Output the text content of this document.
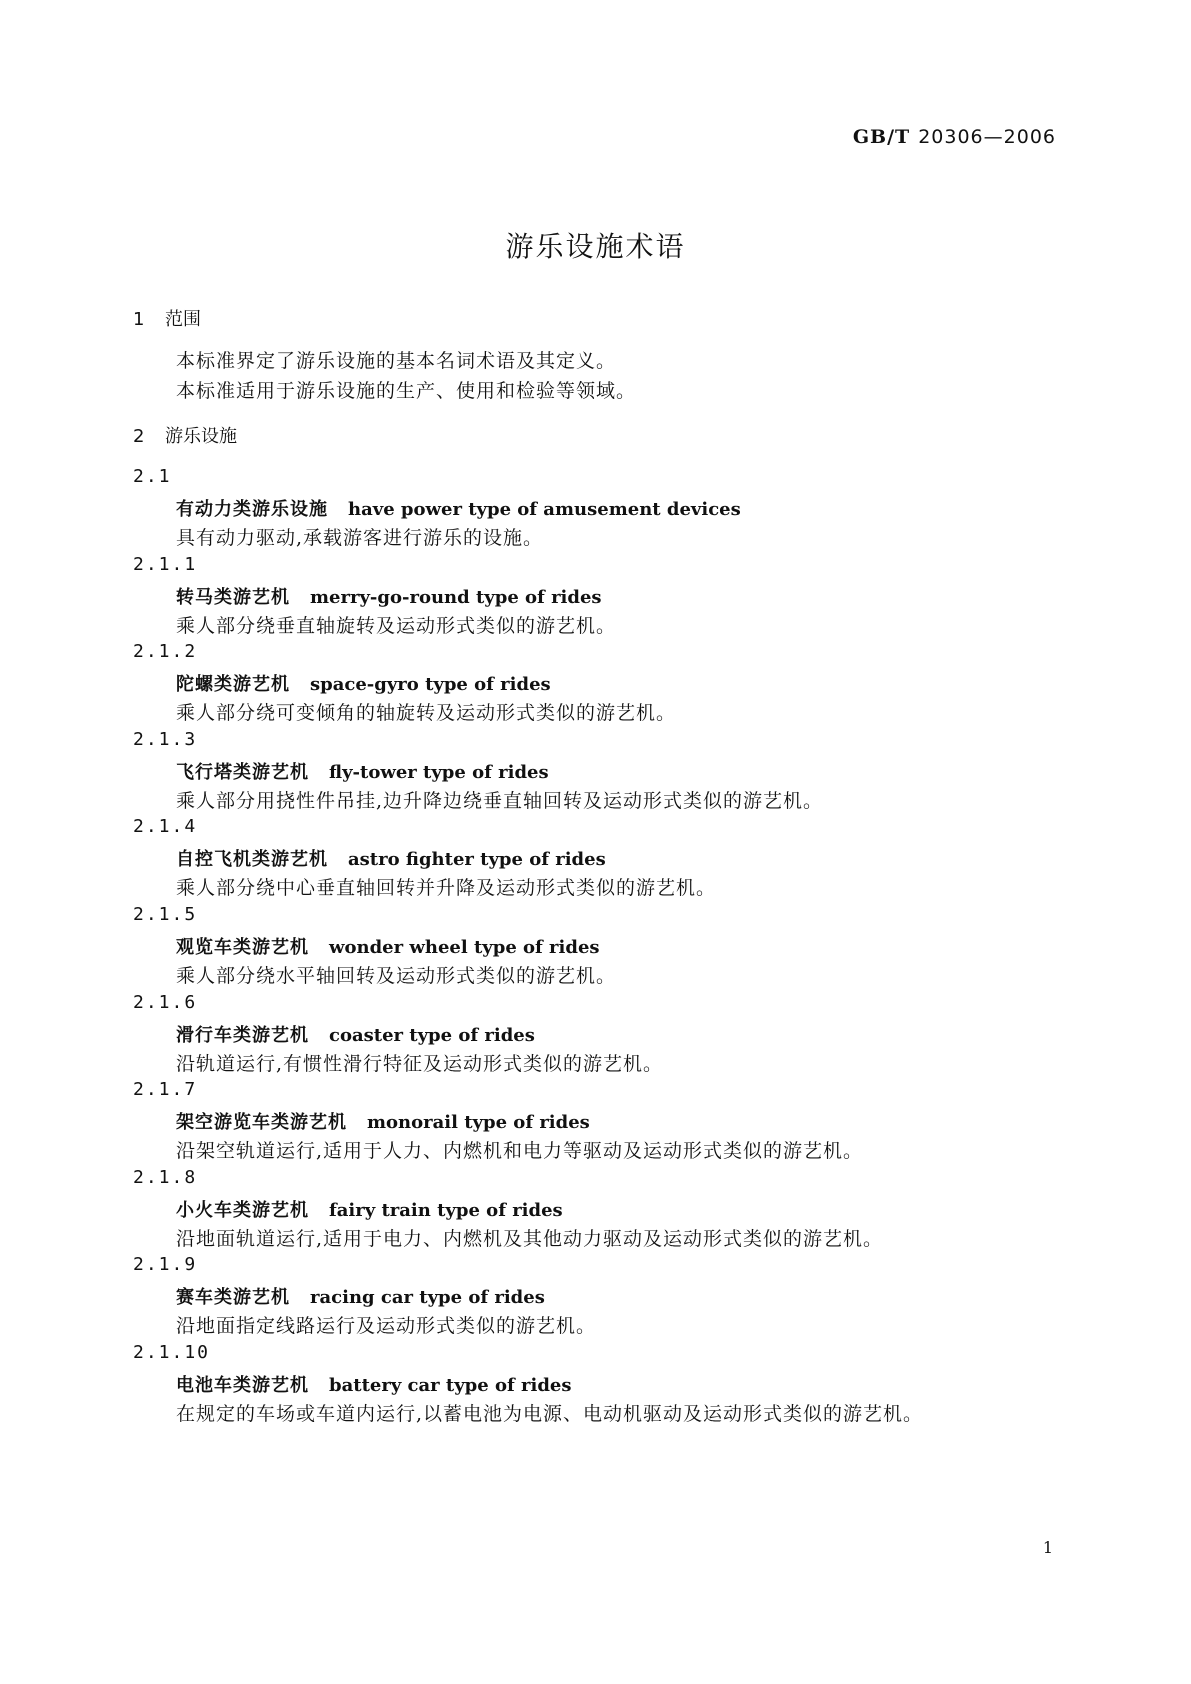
GB/T 20306—2006
游乐设施术语
1 范围
本标准界定了游乐设施的基本名词术语及其定义。
本标准适用于游乐设施的生产、使用和检验等领域。
2 游乐设施
2.1
有动力类游乐设施 have power type of amusement devices
具有动力驱动,承载游客进行游乐的设施。
2.1.1
转马类游艺机 merry-go-round type of rides
乘人部分绕垂直轴旋转及运动形式类似的游艺机。
2.1.2
陀螺类游艺机 space-gyro type of rides
乘人部分绕可变倾角的轴旋转及运动形式类似的游艺机。
2.1.3
飞行塔类游艺机 fly-tower type of rides
乘人部分用挠性件吊挂,边升降边绕垂直轴回转及运动形式类似的游艺机。
2.1.4
自控飞机类游艺机 astro fighter type of rides
乘人部分绕中心垂直轴回转并升降及运动形式类似的游艺机。
2.1.5
观览车类游艺机 wonder wheel type of rides
乘人部分绕水平轴回转及运动形式类似的游艺机。
2.1.6
滑行车类游艺机 coaster type of rides
沿轨道运行,有惯性滑行特征及运动形式类似的游艺机。
2.1.7
架空游览车类游艺机 monorail type of rides
沿架空轨道运行,适用于人力、内燃机和电力等驱动及运动形式类似的游艺机。
2.1.8
小火车类游艺机 fairy train type of rides
沿地面轨道运行,适用于电力、内燃机及其他动力驱动及运动形式类似的游艺机。
2.1.9
赛车类游艺机 racing car type of rides
沿地面指定线路运行及运动形式类似的游艺机。
2.1.10
电池车类游艺机 battery car type of rides
在规定的车场或车道内运行,以蓄电池为电源、电动机驱动及运动形式类似的游艺机。
1
